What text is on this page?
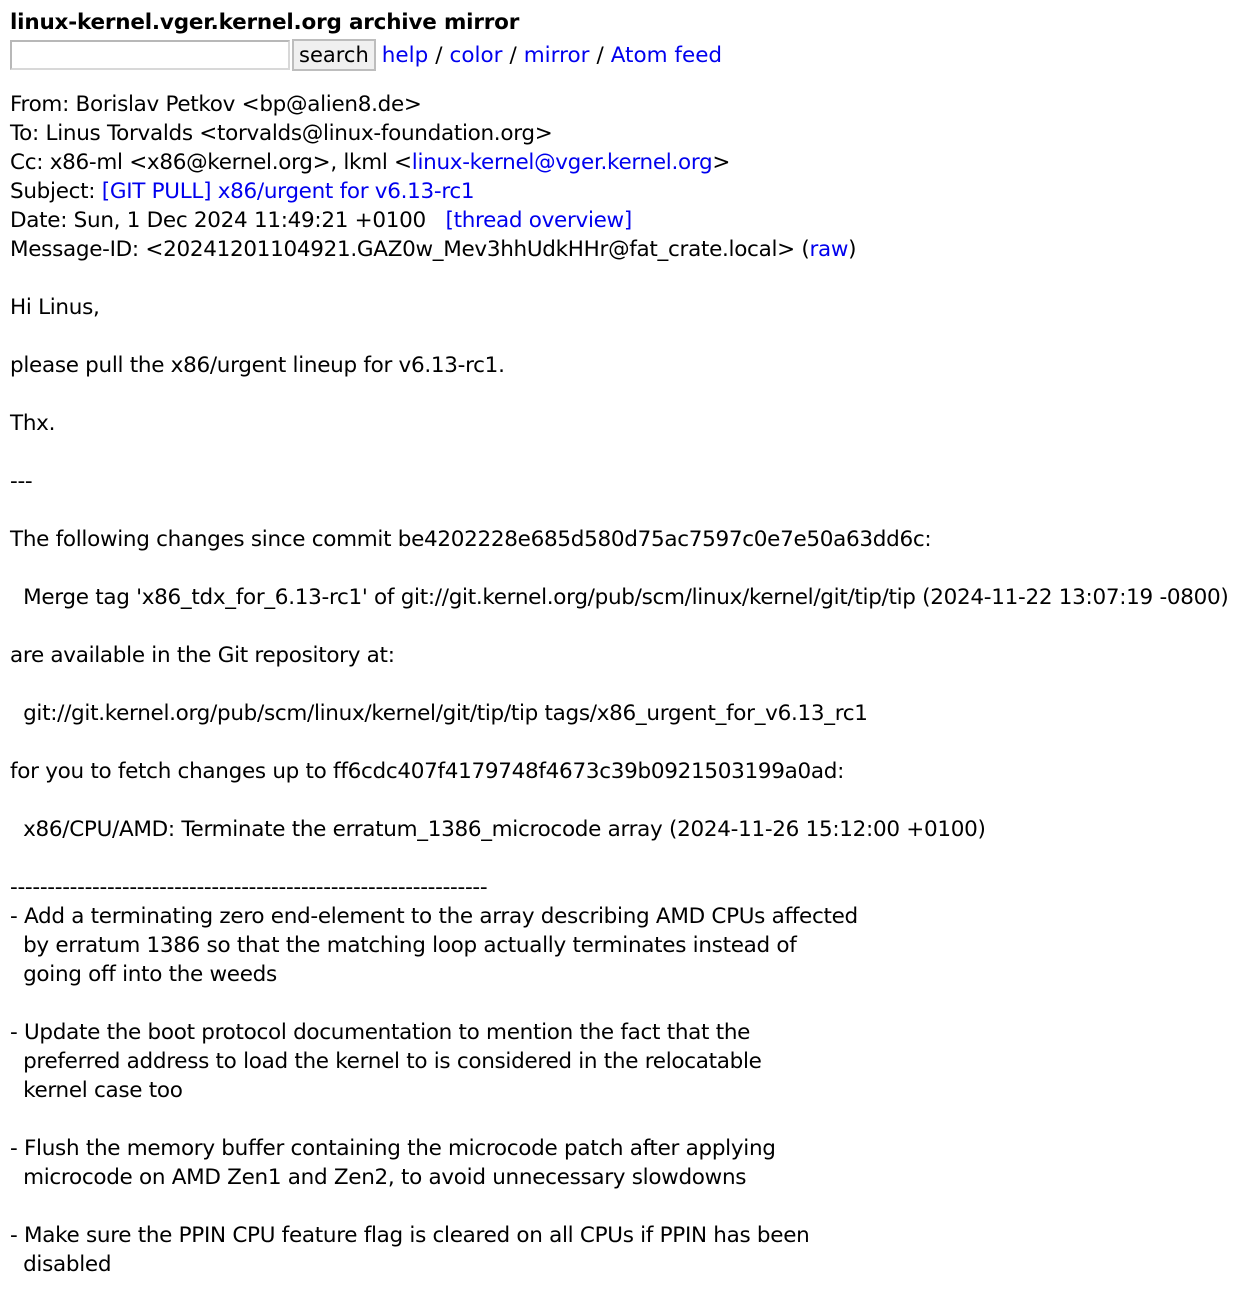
linux-kernel.vger.kernel.org archive mirror
search help / color / mirror / Atom feed
From: Borislav Petkov <bp@alien8.de>
To: Linus Torvalds <torvalds@linux-foundation.org>
Cc: x86-ml <x86@kernel.org>, lkml <linux-kernel@vger.kernel.org>
Subject: [GIT PULL] x86/urgent for v6.13-rc1
Date: Sun, 1 Dec 2024 11:49:21 +0100 [thread overview]
Message-ID: <20241201104921.GAZ0w_Mev3hhUdkHHr@fat_crate.local> (raw)

Hi Linus,

please pull the x86/urgent lineup for v6.13-rc1.

Thx.

---

The following changes since commit be4202228e685d580d75ac7597c0e7e50a63dd6c:

Merge tag 'x86_tdx_for_6.13-rc1' of git://git.kernel.org/pub/scm/linux/kernel/git/tip/tip (2024-11-22 13:07:19 -0800)

are available in the Git repository at:

git://git.kernel.org/pub/scm/linux/kernel/git/tip/tip tags/x86_urgent_for_v6.13_rc1

for you to fetch changes up to ff6cdc407f4179748f4673c39b0921503199a0ad:

x86/CPU/AMD: Terminate the erratum_1386_microcode array (2024-11-26 15:12:00 +0100)

----------------------------------------------------------------
- Add a terminating zero end-element to the array describing AMD CPUs affected
by erratum 1386 so that the matching loop actually terminates instead of
going off into the weeds

- Update the boot protocol documentation to mention the fact that the
preferred address to load the kernel to is considered in the relocatable
kernel case too

- Flush the memory buffer containing the microcode patch after applying
microcode on AMD Zen1 and Zen2, to avoid unnecessary slowdowns

- Make sure the PPIN CPU feature flag is cleared on all CPUs if PPIN has been
disabled
